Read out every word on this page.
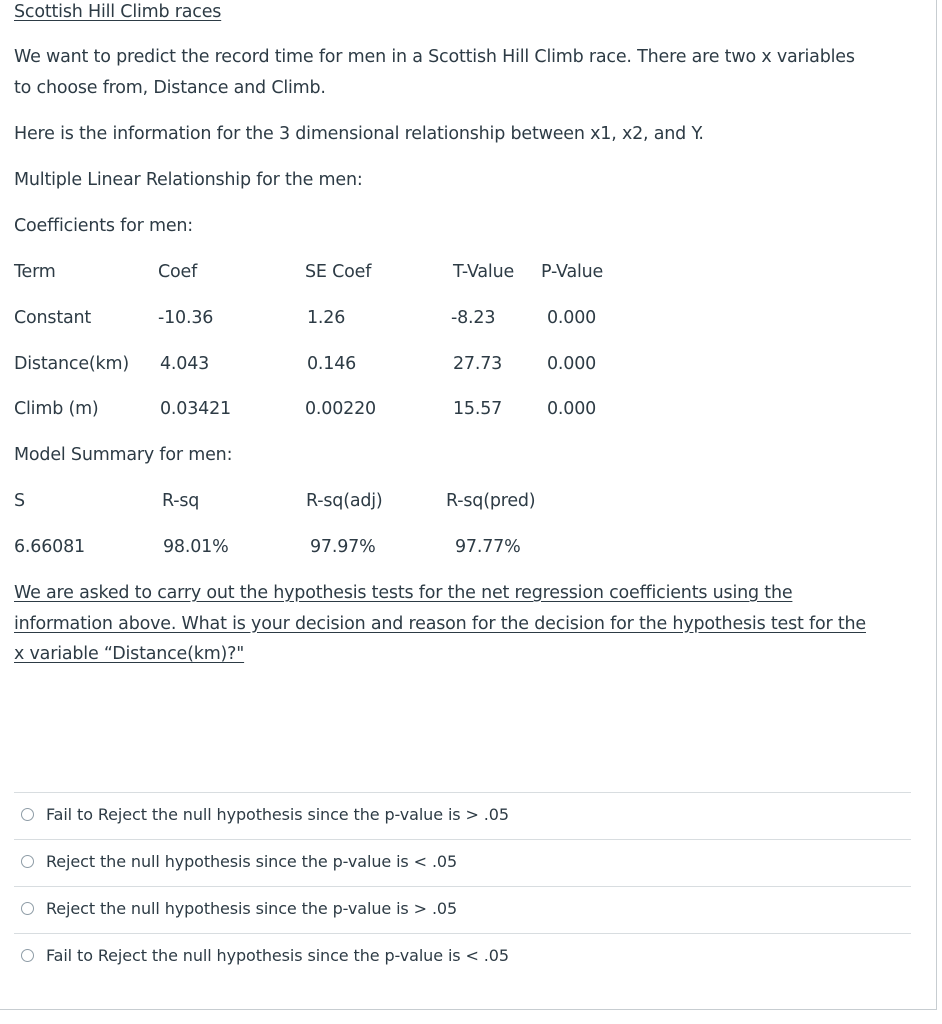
Scottish Hill Climb races
We want to predict the record time for men in a Scottish Hill Climb race. There are two x variables
to choose from, Distance and Climb.
Here is the information for the 3 dimensional relationship between x1, x2, and Y.
Multiple Linear Relationship for the men:
Coefficients for men:
Term	Coef	SE Coef	T-Value P-Value
Constant	-10.36	1.26	-8.23	0.000
Distance(km) 4.043	0.146	27.73	0.000
Climb (m)	0.03421	0.00220	15.57	0.000
Model Summary for men:
S	R-sq	R-sq(adj)	R-sq(pred)
6.66081	98.01%	97.97%	97.77%
We are asked to carry out the hypothesis tests for the net regression coefficients using the
information above. What is your decision and reason for the decision for the hypothesis test for the
x variable “Distance(km)?"
Fail to Reject the null hypothesis since the p-value is > .05
Reject the null hypothesis since the p-value is < .05
Reject the null hypothesis since the p-value is > .05
Fail to Reject the null hypothesis since the p-value is < .05
